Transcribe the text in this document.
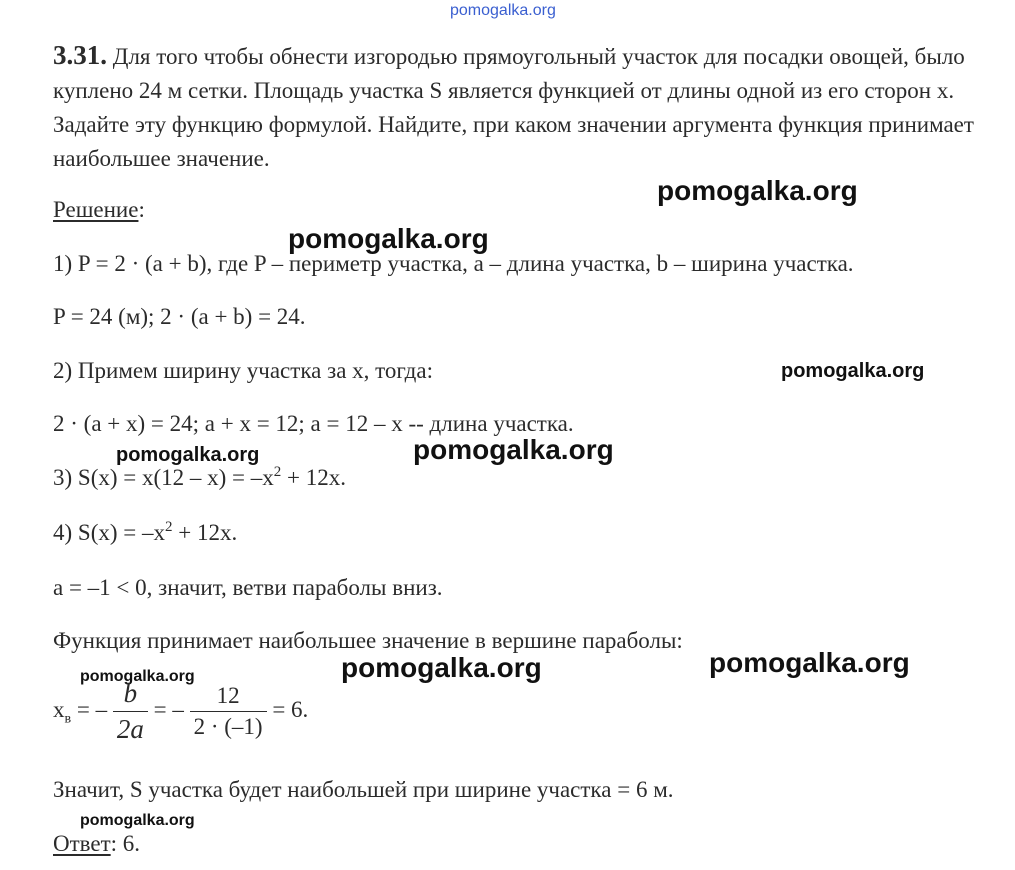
pomogalka.org
3.31. Для того чтобы обнести изгородью прямоугольный участок для посадки овощей, было куплено 24 м сетки. Площадь участка S является функцией от длины одной из его сторон x. Задайте эту функцию формулой. Найдите, при каком значении аргумента функция принимает наибольшее значение.
pomogalka.org
pomogalka.org
pomogalka.org
pomogalka.org	pomogalka.org
pomogalka.org	pomogalka.org	pomogalka.org
pomogalka.org
Решение:
1) P = 2 · (a + b), где P – периметр участка, a – длина участка, b – ширина участка.
P = 24 (м); 2 · (a + b) = 24.
2) Примем ширину участка за x, тогда:
2 · (a + x) = 24; a + x = 12; a = 12 – x -- длина участка.
3) $S(x) = x(12 - x) = -x^2 + 12x$.
4) $S(x) = -x^2 + 12x$.
a = –1 < 0, значит, ветви параболы вниз.
Функция принимает наибольшее значение в вершине параболы:
$x_в$ = – $\frac{b}{2a}$ = – $\frac{12}{2 \cdot (-1)} = 6$.
Значит, S участка будет наибольшей при ширине участка = 6 м.
Ответ: 6.
